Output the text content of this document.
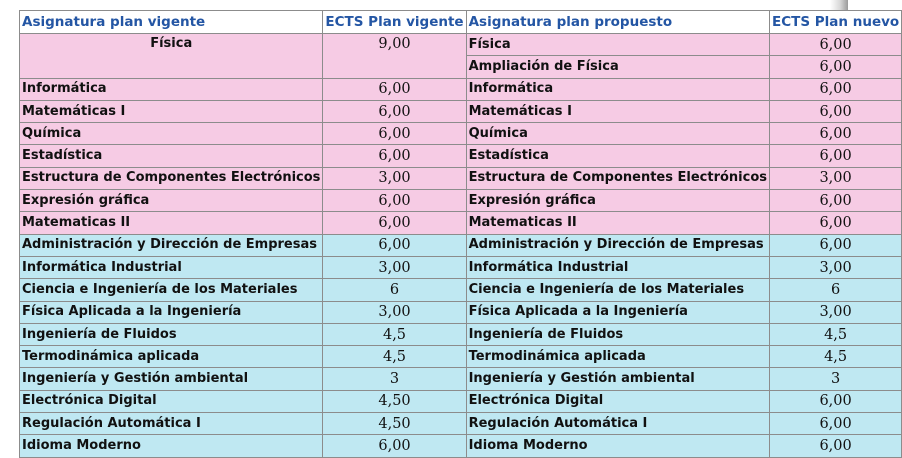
Asignatura plan vigente	ECTS Plan vigente	Asignatura plan propuesto	ECTS Plan nuevo
Física	9,00	Física	6,00
		Ampliación de Física	6,00
Informática	6,00	Informática	6,00
Matemáticas I	6,00	Matemáticas I	6,00
Química	6,00	Química	6,00
Estadística	6,00	Estadística	6,00
Estructura de Componentes Electrónicos	3,00	Estructura de Componentes Electrónicos	3,00
Expresión gráfica	6,00	Expresión gráfica	6,00
Matematicas II	6,00	Matematicas II	6,00
Administración y Dirección de Empresas	6,00	Administración y Dirección de Empresas	6,00
Informática Industrial	3,00	Informática Industrial	3,00
Ciencia e Ingeniería de los Materiales	6	Ciencia e Ingeniería de los Materiales	6
Física Aplicada a la Ingeniería	3,00	Física Aplicada a la Ingeniería	3,00
Ingeniería de Fluidos	4,5	Ingeniería de Fluidos	4,5
Termodinámica aplicada	4,5	Termodinámica aplicada	4,5
Ingeniería y Gestión ambiental	3	Ingeniería y Gestión ambiental	3
Electrónica Digital	4,50	Electrónica Digital	6,00
Regulación Automática I	4,50	Regulación Automática I	6,00
Idioma Moderno	6,00	Idioma Moderno	6,00
